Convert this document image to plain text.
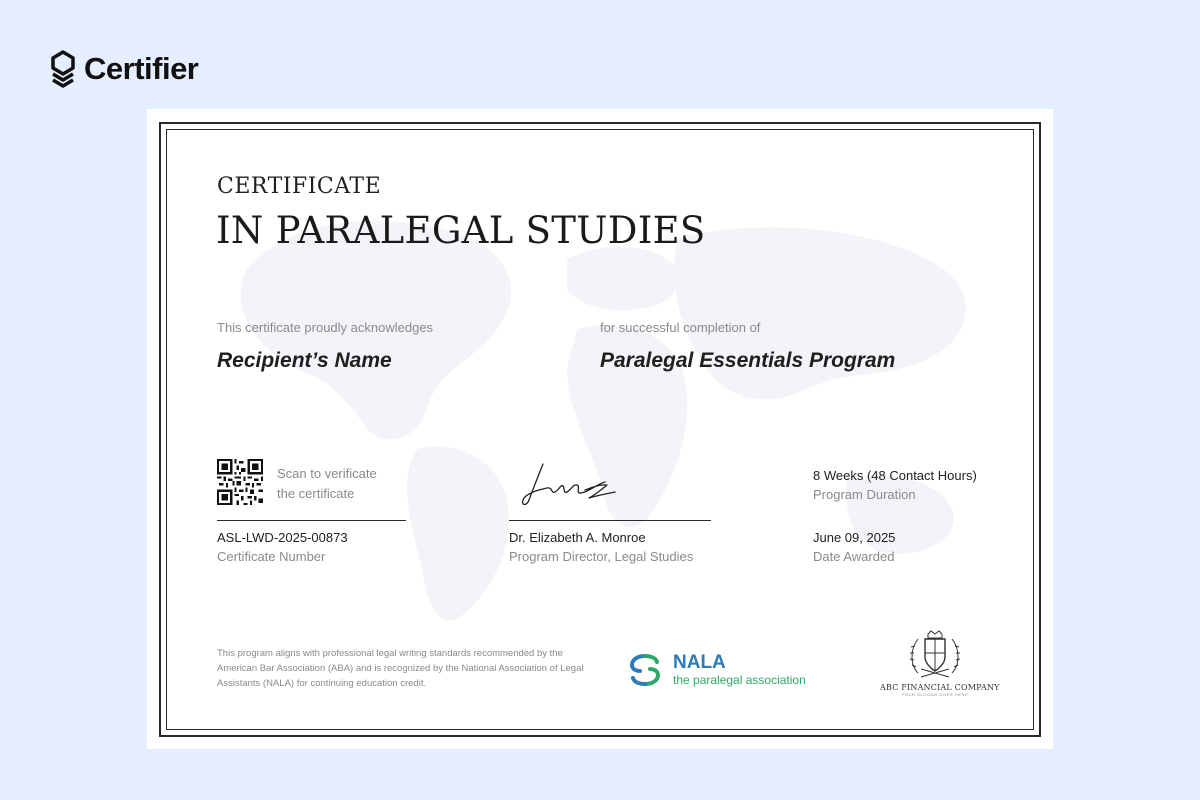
Certifier
CERTIFICATE
IN PARALEGAL STUDIES
This certificate proudly acknowledges
Recipient’s Name
for successful completion of
Paralegal Essentials Program
Scan to verificate
the certificate
ASL-LWD-2025-00873
Certificate Number
Dr. Elizabeth A. Monroe
Program Director, Legal Studies
8 Weeks (48 Contact Hours)
Program Duration
June 09, 2025
Date Awarded
This program aligns with professional legal writing standards recommended by the American Bar Association (ABA) and is recognized by the National Association of Legal Assistants (NALA) for continuing education credit.
NALA
the paralegal association
ABC FINANCIAL COMPANY
YOUR SLOGAN GOES HERE
